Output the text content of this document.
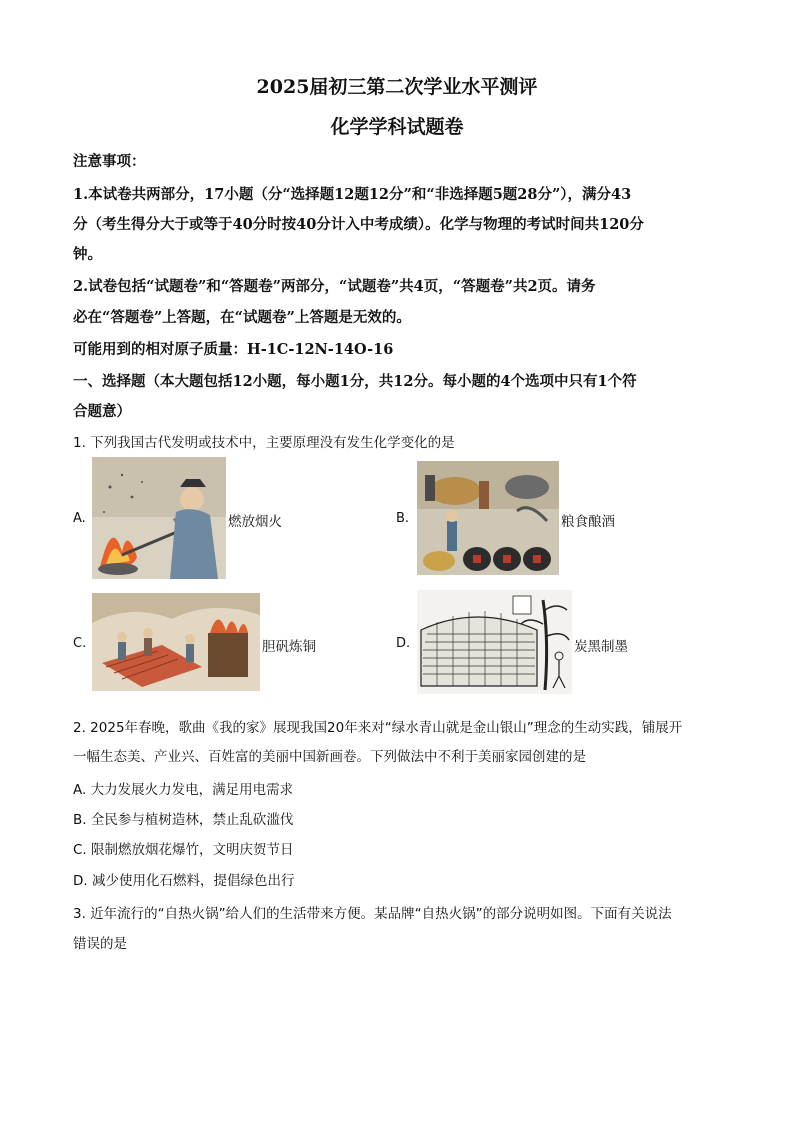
2025届初三第二次学业水平测评
化学学科试题卷
注意事项：
1.本试卷共两部分，17小题（分“选择题12题12分”和“非选择题5题28分”），满分43
分（考生得分大于或等于40分时按40分计入中考成绩）。化学与物理的考试时间共120分
钟。
2.试卷包括“试题卷”和“答题卷”两部分，“试题卷”共4页，“答题卷”共2页。请务
必在“答题卷”上答题，在“试题卷”上答题是无效的。
可能用到的相对原子质量：H-1C-12N-14O-16
一、选择题（本大题包括12小题，每小题1分，共12分。每小题的4个选项中只有1个符
合题意）
1. 下列我国古代发明或技术中，主要原理没有发生化学变化的是
A.	燃放烟火	B.	粮食酿酒
C.	胆矾炼铜	D.	炭黑制墨
2. 2025年春晚，歌曲《我的家》展现我国20年来对“绿水青山就是金山银山”理念的生动实践，铺展开
一幅生态美、产业兴、百姓富的美丽中国新画卷。下列做法中不利于美丽家园创建的是
A. 大力发展火力发电，满足用电需求
B. 全民参与植树造林，禁止乱砍滥伐
C. 限制燃放烟花爆竹，文明庆贺节日
D. 减少使用化石燃料，提倡绿色出行
3. 近年流行的“自热火锅”给人们的生活带来方便。某品牌“自热火锅”的部分说明如图。下面有关说法
错误的是
